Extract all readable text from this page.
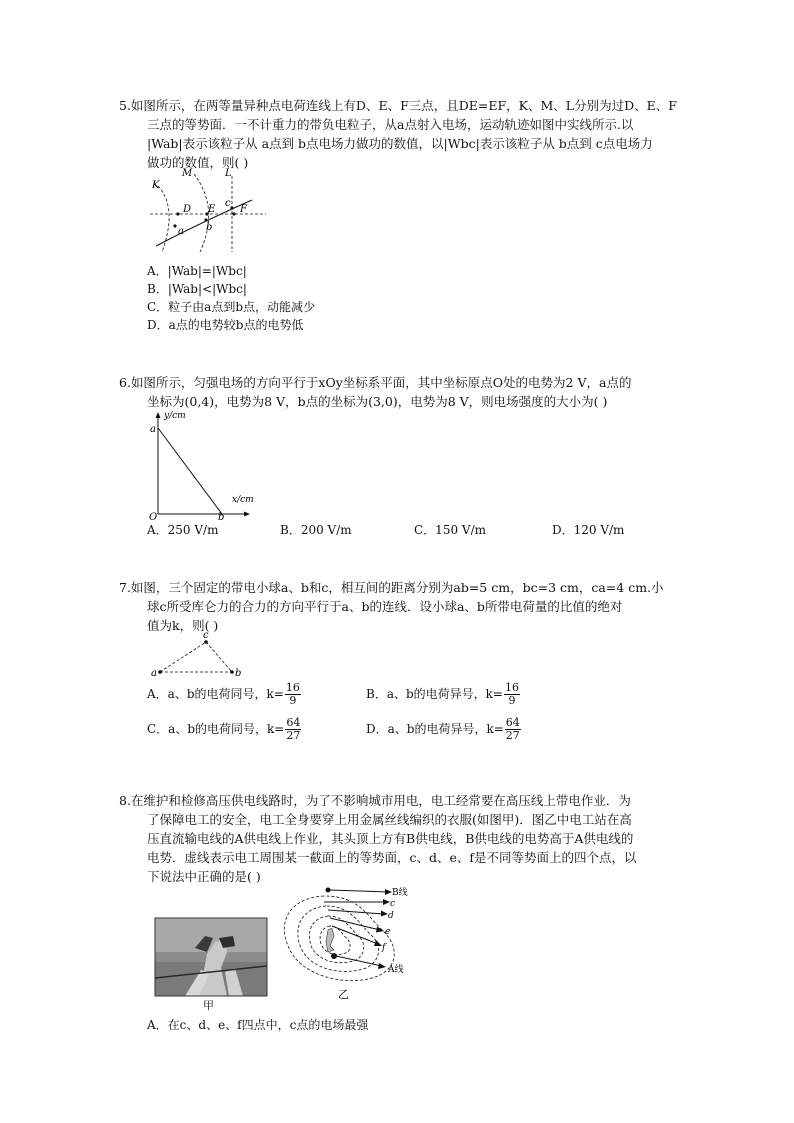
5.如图所示，在两等量异种点电荷连线上有D、E、F三点，且DE=EF，K、M、L分别为过D、E、F
三点的等势面．一不计重力的带负电粒子，从a点射入电场，运动轨迹如图中实线所示.以
|Wab|表示该粒子从 a点到 b点电场力做功的数值，以|Wbc|表示该粒子从 b点到 c点电场力
做功的数值，则( )
K
M	L
D E F
a b
c
A．|Wab|=|Wbc|
B．|Wab|<|Wbc|
C．粒子由a点到b点，动能减少
D．a点的电势较b点的电势低
6.如图所示，匀强电场的方向平行于xOy坐标系平面，其中坐标原点O处的电势为2 V，a点的
坐标为(0,4)，电势为8 V，b点的坐标为(3,0)，电势为8 V，则电场强度的大小为( )
y/cm
x/cm
a
b
O
A．250 V/m	B．200 V/m	C．150 V/m	D．120 V/m
7.如图，三个固定的带电小球a、b和c，相互间的距离分别为ab=5 cm，bc=3 cm，ca=4 cm.小
球c所受库仑力的合力的方向平行于a、b的连线．设小球a、b所带电荷量的比值的绝对
值为k，则( )
a	b
c
A．a、b的电荷同号，$k= \frac{16}{9}$	B．a、b的电荷异号，$k= \frac{16}{9}$
C．a、b的电荷同号，$k= \frac{64}{27}$	D．a、b的电荷异号，$k= \frac{64}{27}$
8.在维护和检修高压供电线路时，为了不影响城市用电，电工经常要在高压线上带电作业．为
了保障电工的安全，电工全身要穿上用金属丝线编织的衣服(如图甲)．图乙中电工站在高
压直流输电线的A供电线上作业，其头顶上方有B供电线，B供电线的电势高于A供电线的
电势．虚线表示电工周围某一截面上的等势面，c、d、e、f是不同等势面上的四个点，以
下说法中正确的是( )
甲
B线
c
d
e
f
A线
乙
A．在c、d、e、f四点中，c点的电场最强
